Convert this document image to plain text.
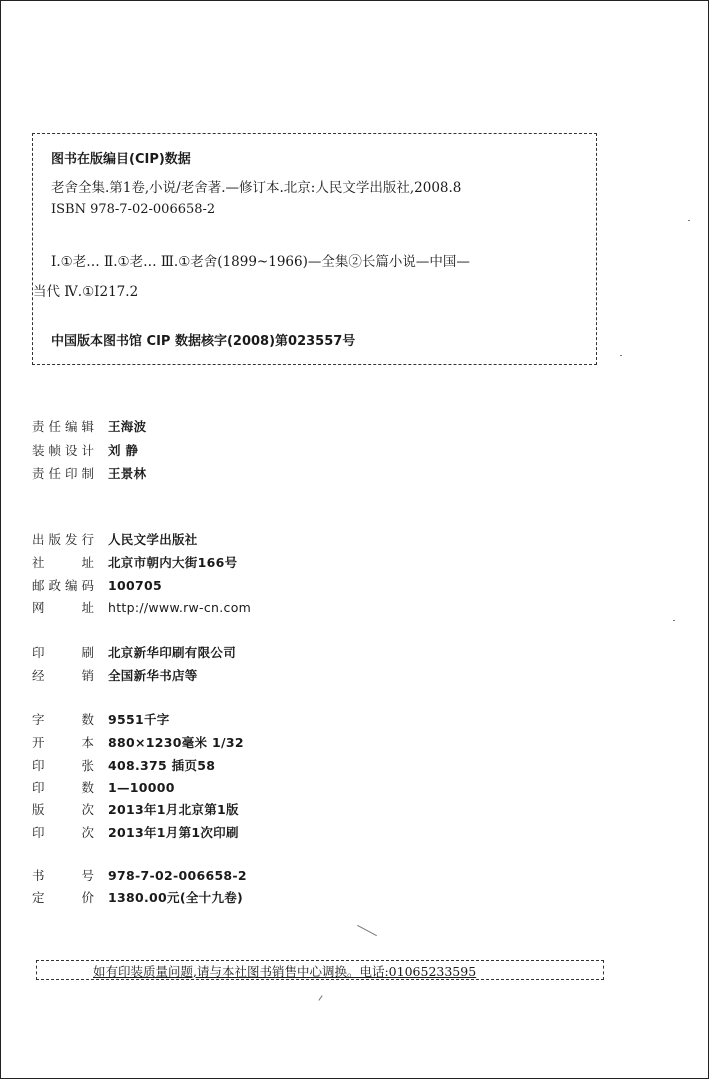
图书在版编目(CIP)数据
老舍全集.第1卷,小说/老舍著.—修订本.北京:人民文学出版社,2008.8
ISBN 978-7-02-006658-2
Ⅰ.①老… Ⅱ.①老… Ⅲ.①老舍(1899~1966)—全集②长篇小说—中国—
当代 Ⅳ.①I217.2
中国版本图书馆 CIP 数据核字(2008)第023557号
责任编辑 王海波
装帧设计 刘 静
责任印制 王景林
出版发行 人民文学出版社
社址 北京市朝内大街166号
邮政编码 100705
网址 http://www.rw-cn.com
印刷 北京新华印刷有限公司
经销 全国新华书店等
字数 9551千字
开本 880×1230毫米 1/32
印张 408.375 插页58
印数 1—10000
版次 2013年1月北京第1版
印次 2013年1月第1次印刷
书号 978-7-02-006658-2
定价 1380.00元(全十九卷)
如有印装质量问题,请与本社图书销售中心调换。电话:01065233595
